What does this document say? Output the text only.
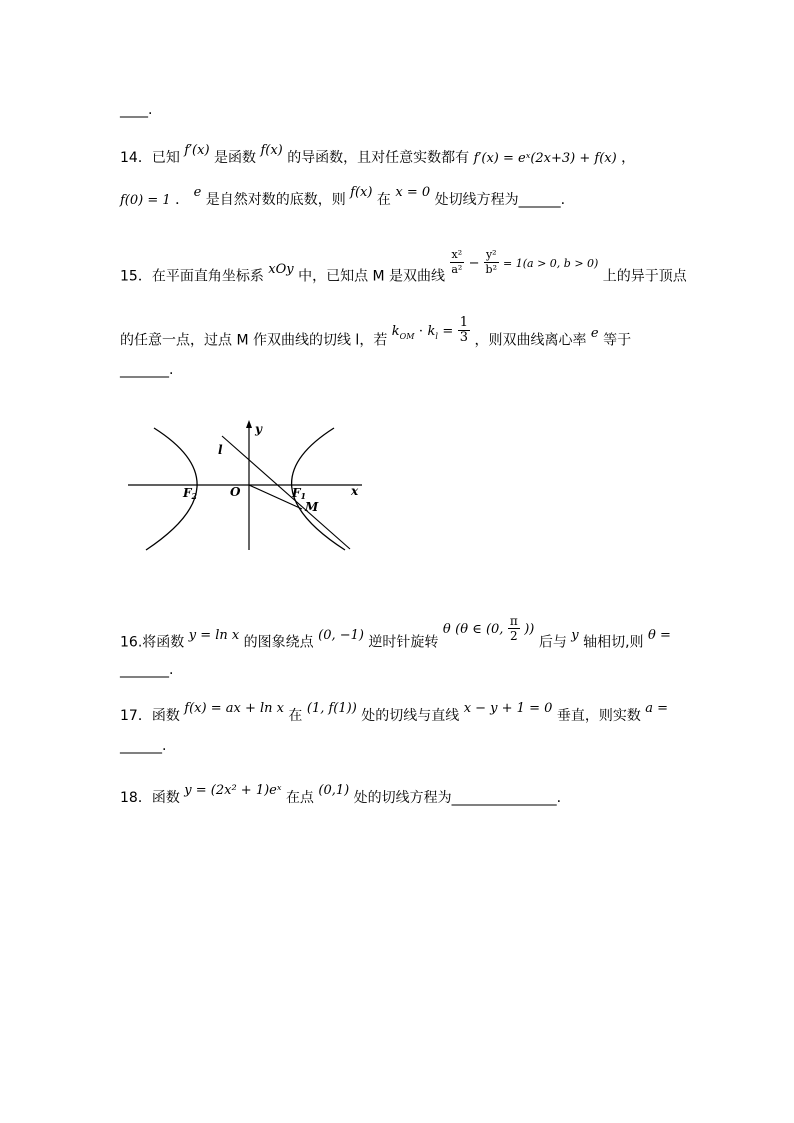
____.
14．已知 f′(x) 是函数 f(x) 的导函数，且对任意实数都有 f′(x) = eˣ(2x+3) + f(x) ，
f(0) = 1 ． e 是自然对数的底数，则 f(x) 在 x = 0 处切线方程为______.
15．在平面直角坐标系 xOy 中，已知点 M 是双曲线 $\frac{\text{x²}}{\text{a²}} - \frac{\text{y²}}{\text{b²}} = 1(a > 0$, b > 0) 上的异于顶点
的任意一点，过点 M 作双曲线的切线 l，若 $k_{OM} \cdot k_l = \frac{1}{3}$ ，则双曲线离心率 e 等于
_______.
y
x
O	F1
F2
l
M
16.将函数 y = ln x 的图象绕点 (0, −1) 逆时针旋转 θ (θ ∈ (0, $\frac{\pi}{2}$ )) 后与 y 轴相切,则 θ =
_______.
17．函数 f(x) = ax + ln x 在 (1, f(1)) 处的切线与直线 x − y + 1 = 0 垂直，则实数 a =
______.
18．函数 y = (2x² + 1)eˣ 在点 (0,1) 处的切线方程为_______________.
